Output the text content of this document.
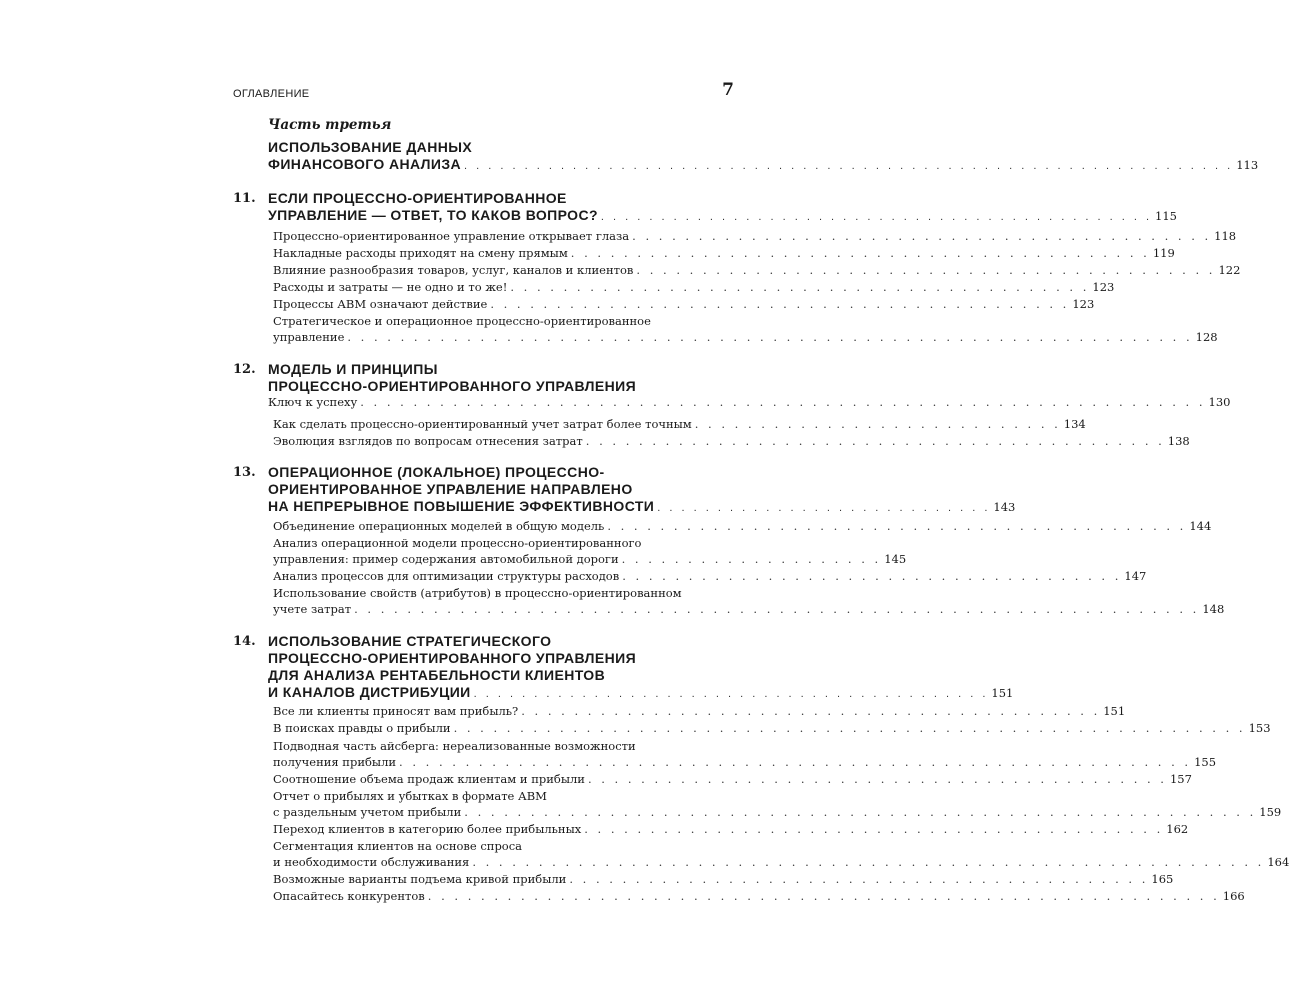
ОГЛАВЛЕНИЕ	7
Часть третья
ИСПОЛЬЗОВАНИЕ ДАННЫХ
ФИНАНСОВОГО АНАЛИЗА . . . . . . . . . . . . . . . . . . . . . . . . . . . . . . . . . . . . . . . . . . . . . . . . . . . . . . . . . . . . . . . . 113
11. ЕСЛИ ПРОЦЕССНО-ОРИЕНТИРОВАННОЕ
УПРАВЛЕНИЕ — ОТВЕТ, ТО КАКОВ ВОПРОС? . . . . . . . . . . . . . . . . . . . . . . . . . . . . . . . . . . . . . . . . . . . . . . 115
Процессно-ориентированное управление открывает глаза . . . . . . . . . . . . . . . . . . . . . . . . . . . . . . . . . . . . . . . . . . . . 118
Накладные расходы приходят на смену прямым . . . . . . . . . . . . . . . . . . . . . . . . . . . . . . . . . . . . . . . . . . . . 119
Влияние разнообразия товаров, услуг, каналов и клиентов . . . . . . . . . . . . . . . . . . . . . . . . . . . . . . . . . . . . . . . . . . . . 122
Расходы и затраты — не одно и то же! . . . . . . . . . . . . . . . . . . . . . . . . . . . . . . . . . . . . . . . . . . . . 123
Процессы АВМ означают действие . . . . . . . . . . . . . . . . . . . . . . . . . . . . . . . . . . . . . . . . . . . . 123
Стратегическое и операционное процессно-ориентированное
управление . . . . . . . . . . . . . . . . . . . . . . . . . . . . . . . . . . . . . . . . . . . . . . . . . . . . . . . . . . . . . . . . 128
12. МОДЕЛЬ И ПРИНЦИПЫ
ПРОЦЕССНО-ОРИЕНТИРОВАННОГО УПРАВЛЕНИЯ
Ключ к успеху . . . . . . . . . . . . . . . . . . . . . . . . . . . . . . . . . . . . . . . . . . . . . . . . . . . . . . . . . . . . . . . . 130
Как сделать процессно-ориентированный учет затрат более точным . . . . . . . . . . . . . . . . . . . . . . . . . . . . 134
Эволюция взглядов по вопросам отнесения затрат . . . . . . . . . . . . . . . . . . . . . . . . . . . . . . . . . . . . . . . . . . . . 138
13. ОПЕРАЦИОННОЕ (ЛОКАЛЬНОЕ) ПРОЦЕССНО-
ОРИЕНТИРОВАННОЕ УПРАВЛЕНИЕ НАПРАВЛЕНО
НА НЕПРЕРЫВНОЕ ПОВЫШЕНИЕ ЭФФЕКТИВНОСТИ . . . . . . . . . . . . . . . . . . . . . . . . . . . . 143
Объединение операционных моделей в общую модель . . . . . . . . . . . . . . . . . . . . . . . . . . . . . . . . . . . . . . . . . . . . 144
Анализ операционной модели процессно-ориентированного
управления: пример содержания автомобильной дороги . . . . . . . . . . . . . . . . . . . . 145
Анализ процессов для оптимизации структуры расходов . . . . . . . . . . . . . . . . . . . . . . . . . . . . . . . . . . . . . . 147
Использование свойств (атрибутов) в процессно-ориентированном
учете затрат . . . . . . . . . . . . . . . . . . . . . . . . . . . . . . . . . . . . . . . . . . . . . . . . . . . . . . . . . . . . . . . . 148
14. ИСПОЛЬЗОВАНИЕ СТРАТЕГИЧЕСКОГО
ПРОЦЕССНО-ОРИЕНТИРОВАННОГО УПРАВЛЕНИЯ
ДЛЯ АНАЛИЗА РЕНТАБЕЛЬНОСТИ КЛИЕНТОВ
И КАНАЛОВ ДИСТРИБУЦИИ . . . . . . . . . . . . . . . . . . . . . . . . . . . . . . . . . . . . . . . . . . . 151
Все ли клиенты приносят вам прибыль? . . . . . . . . . . . . . . . . . . . . . . . . . . . . . . . . . . . . . . . . . . . . 151
В поисках правды о прибыли . . . . . . . . . . . . . . . . . . . . . . . . . . . . . . . . . . . . . . . . . . . . . . . . . . . . . . . . . . . . 153
Подводная часть айсберга: нереализованные возможности
получения прибыли . . . . . . . . . . . . . . . . . . . . . . . . . . . . . . . . . . . . . . . . . . . . . . . . . . . . . . . . . . . . 155
Соотношение объема продаж клиентам и прибыли . . . . . . . . . . . . . . . . . . . . . . . . . . . . . . . . . . . . . . . . . . . . 157
Отчет о прибылях и убытках в формате АВМ
с раздельным учетом прибыли . . . . . . . . . . . . . . . . . . . . . . . . . . . . . . . . . . . . . . . . . . . . . . . . . . . . . . . . . . . . 159
Переход клиентов в категорию более прибыльных . . . . . . . . . . . . . . . . . . . . . . . . . . . . . . . . . . . . . . . . . . . . 162
Сегментация клиентов на основе спроса
и необходимости обслуживания . . . . . . . . . . . . . . . . . . . . . . . . . . . . . . . . . . . . . . . . . . . . . . . . . . . . . . . . . . . . 164
Возможные варианты подъема кривой прибыли . . . . . . . . . . . . . . . . . . . . . . . . . . . . . . . . . . . . . . . . . . . . 165
Опасайтесь конкурентов . . . . . . . . . . . . . . . . . . . . . . . . . . . . . . . . . . . . . . . . . . . . . . . . . . . . . . . . . . . . 166
